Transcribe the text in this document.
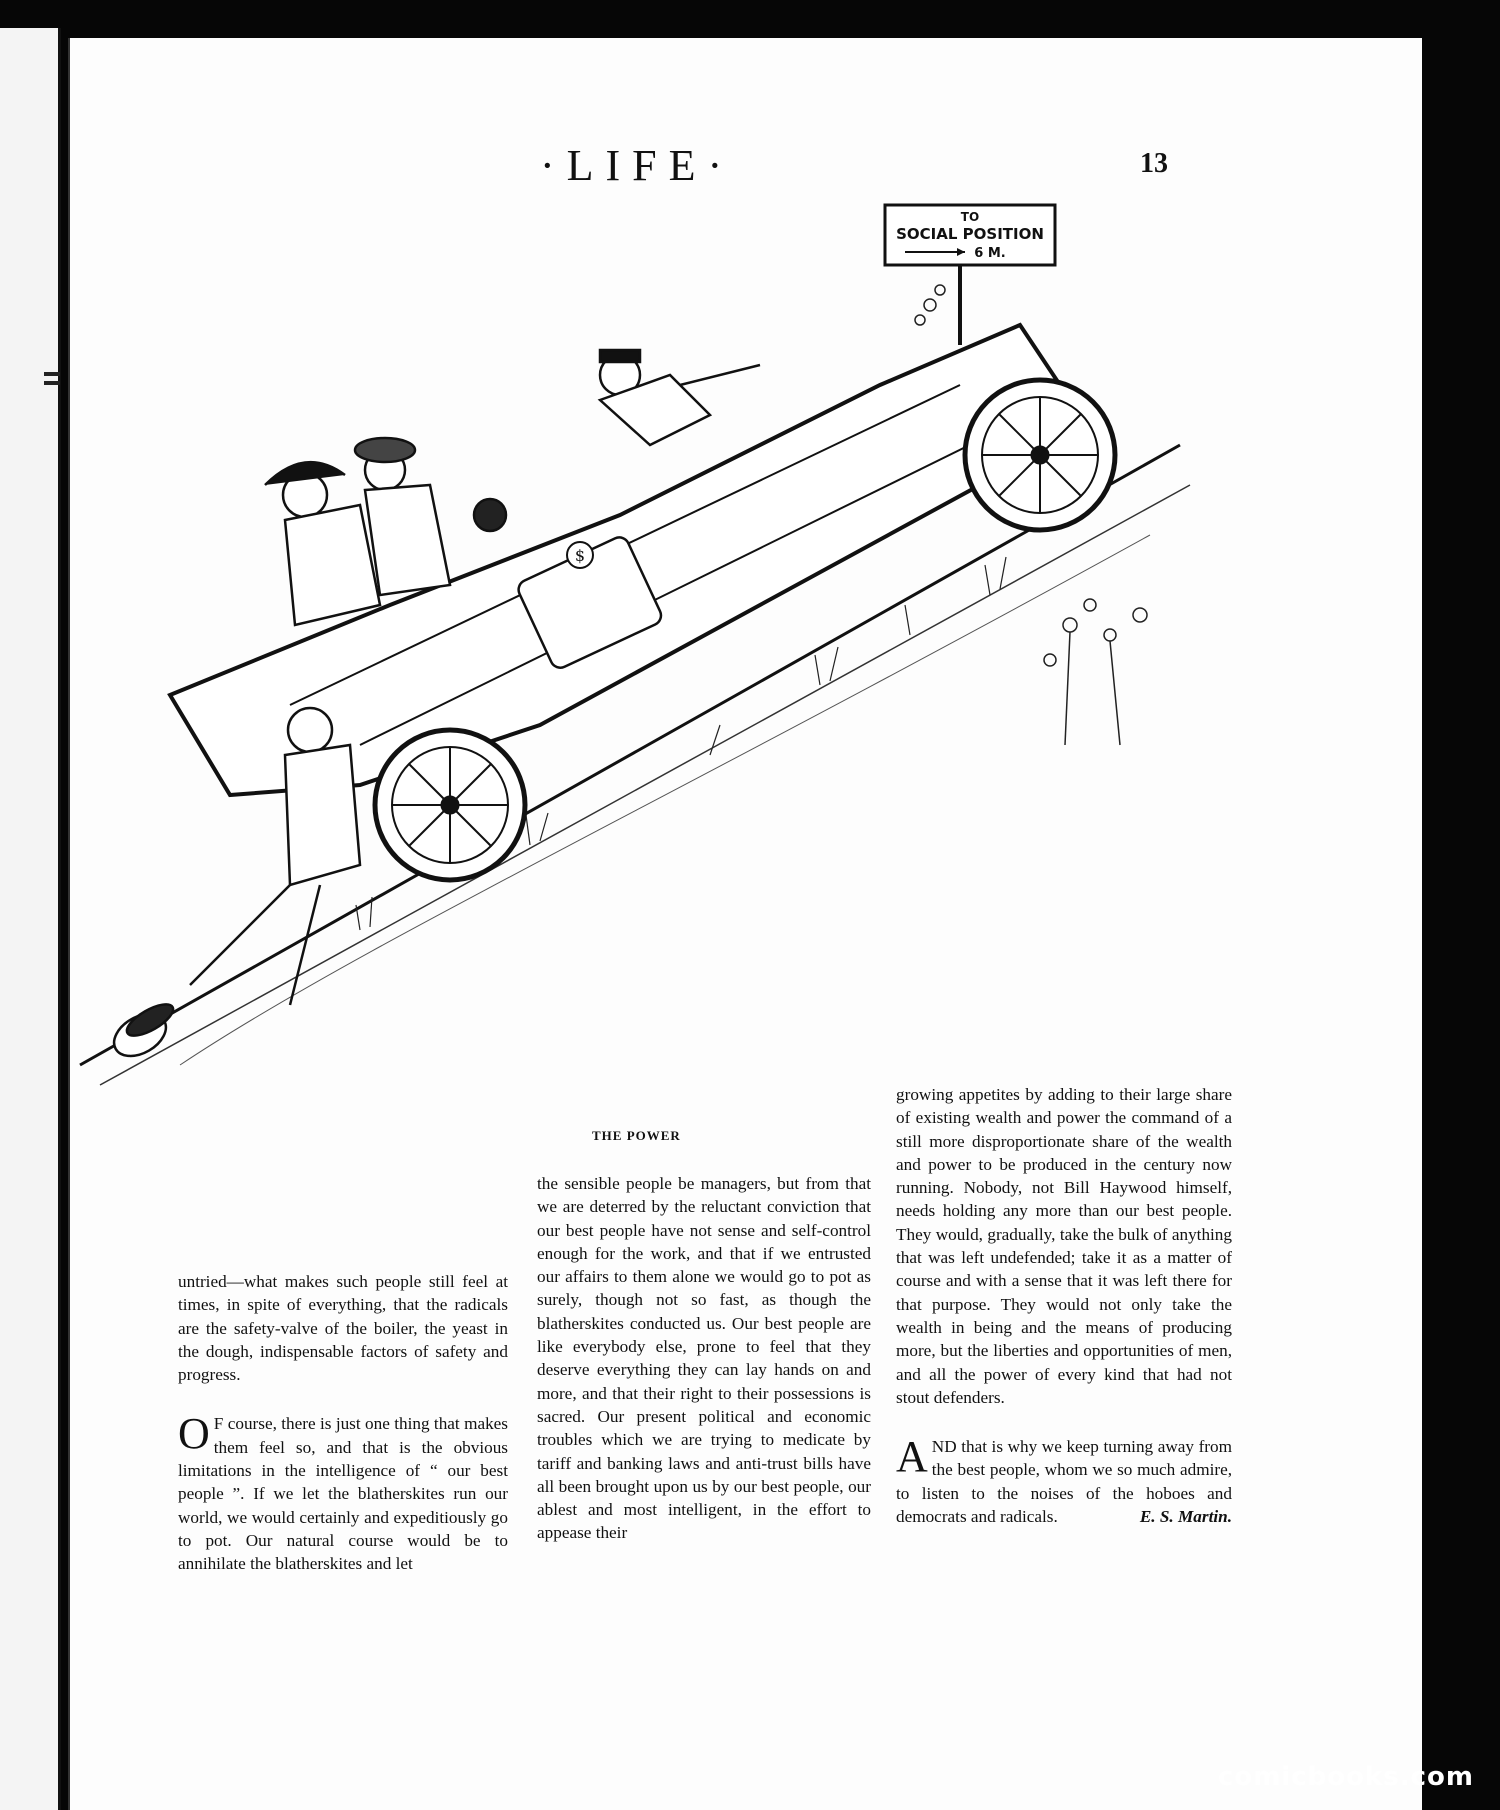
·LIFE·	13
TO
SOCIAL POSITION
6 M.
$
THE POWER

untried—what makes such people still feel at times, in spite of everything, that the radicals are the safety-valve of the boiler, the yeast in the dough, indispensable factors of safety and progress.

O F course, there is just one thing that makes them feel so, and that is the obvious limitations in the intelligence of “ our best people ”. If we let the blatherskites run our world, we would certainly and expeditiously go to pot. Our natural course would be to annihilate the blatherskites and let

the sensible people be managers, but from that we are deterred by the reluctant conviction that our best people have not sense and self-control enough for the work, and that if we entrusted our affairs to them alone we would go to pot as surely, though not so fast, as though the blatherskites conducted us. Our best people are like everybody else, prone to feel that they deserve everything they can lay hands on and more, and that their right to their possessions is sacred. Our present political and economic troubles which we are trying to medicate by tariff and banking laws and anti-trust bills have all been brought upon us by our best people, our ablest and most intelligent, in the effort to appease their

growing appetites by adding to their large share of existing wealth and power the command of a still more disproportionate share of the wealth and power to be produced in the century now running. Nobody, not Bill Haywood himself, needs holding any more than our best people. They would, gradually, take the bulk of anything that was left undefended; take it as a matter of course and with a sense that it was left there for that purpose. They would not only take the wealth in being and the means of producing more, but the liberties and opportunities of men, and all the power of every kind that had not stout defenders.

AND that is why we keep turning away from the best people, whom we so much admire, to listen to the noises of the hoboes and democrats and radicals.	E. S. Martin.

comicbooks.com
